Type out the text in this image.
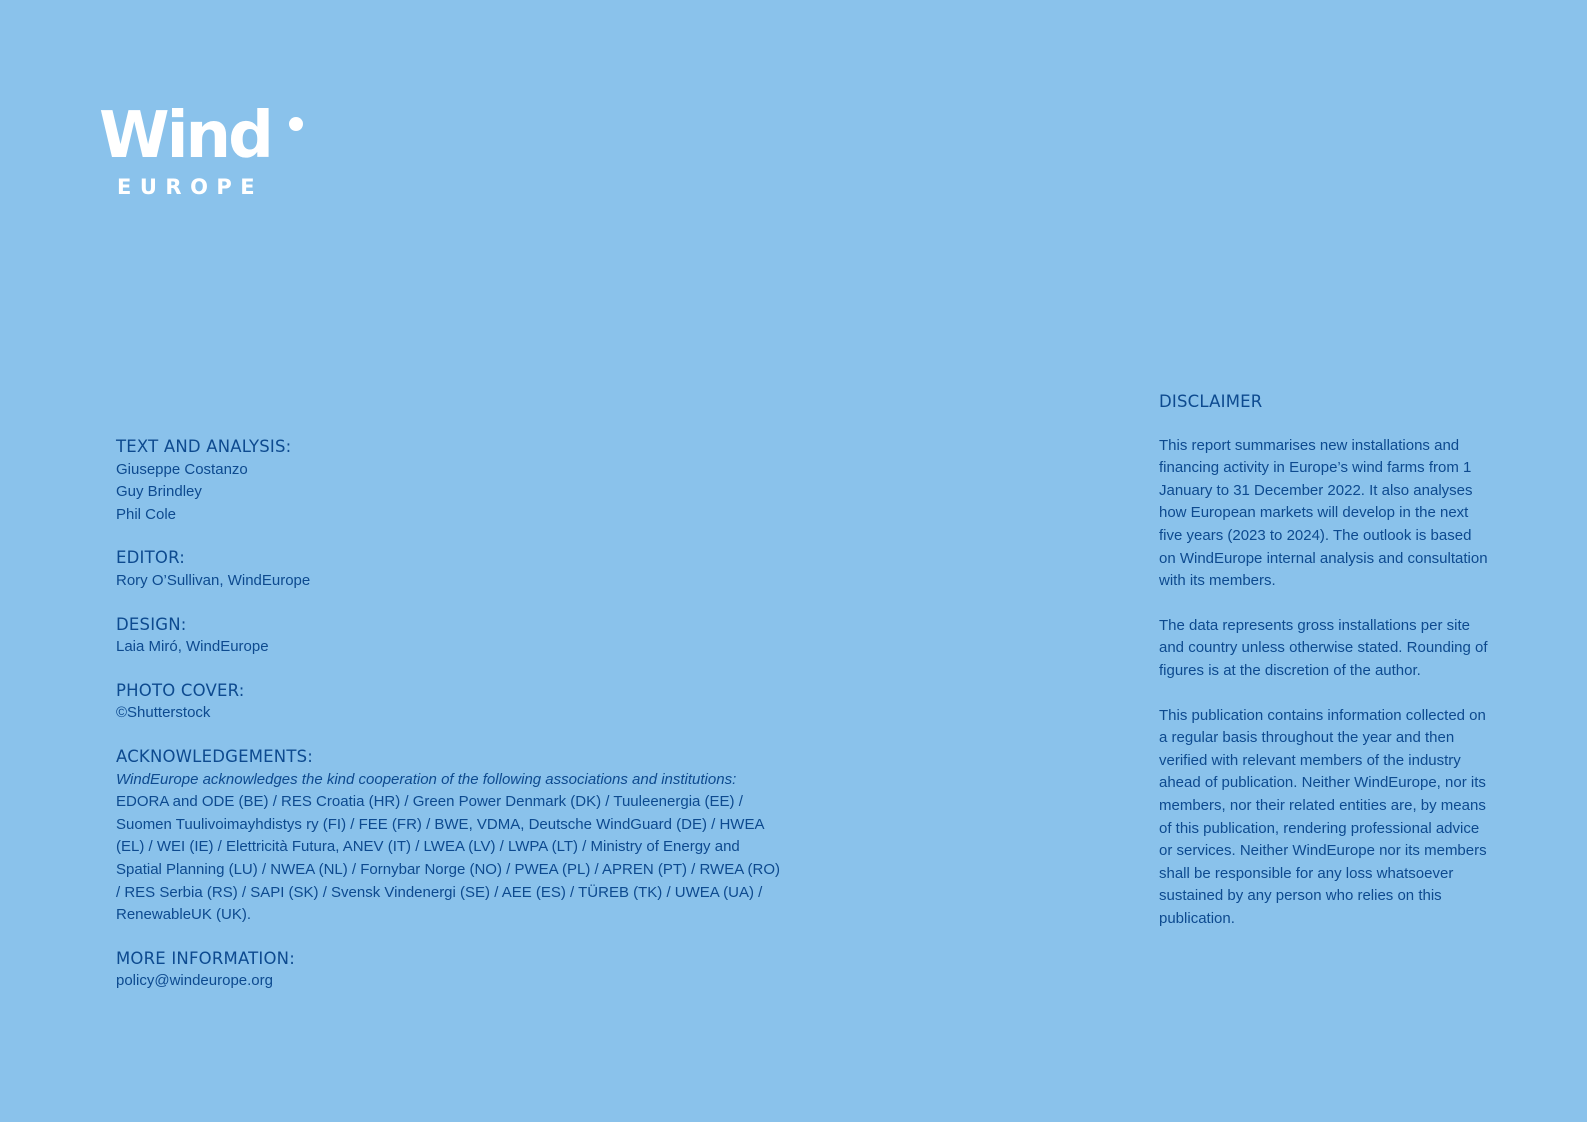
Wind
EUROPE
TEXT AND ANALYSIS:
Giuseppe Costanzo
Guy Brindley
Phil Cole
EDITOR:
Rory O’Sullivan, WindEurope
DESIGN:
Laia Miró, WindEurope
PHOTO COVER:
©Shutterstock
ACKNOWLEDGEMENTS:
WindEurope acknowledges the kind cooperation of the following associations and institutions:
EDORA and ODE (BE) / RES Croatia (HR) / Green Power Denmark (DK) / Tuuleenergia (EE) / Suomen Tuulivoimayhdistys ry (FI) / FEE (FR) / BWE, VDMA, Deutsche WindGuard (DE) / HWEA (EL) / WEI (IE) / Elettricità Futura, ANEV (IT) / LWEA (LV) / LWPA (LT) / Ministry of Energy and Spatial Planning (LU) / NWEA (NL) / Fornybar Norge (NO) / PWEA (PL) / APREN (PT) / RWEA (RO) / RES Serbia (RS) / SAPI (SK) / Svensk Vindenergi (SE) / AEE (ES) / TÜREB (TK) / UWEA (UA) / RenewableUK (UK).
MORE INFORMATION:
policy@windeurope.org
DISCLAIMER

This report summarises new installations and financing activity in Europe’s wind farms from 1 January to 31 December 2022. It also analyses how European markets will develop in the next five years (2023 to 2024). The outlook is based on WindEurope internal analysis and consultation with its members.

The data represents gross installations per site and country unless otherwise stated. Rounding of figures is at the discretion of the author.

This publication contains information collected on a regular basis throughout the year and then verified with relevant members of the industry ahead of publication. Neither WindEurope, nor its members, nor their related entities are, by means of this publication, rendering professional advice or services. Neither WindEurope nor its members shall be responsible for any loss whatsoever sustained by any person who relies on this publication.
